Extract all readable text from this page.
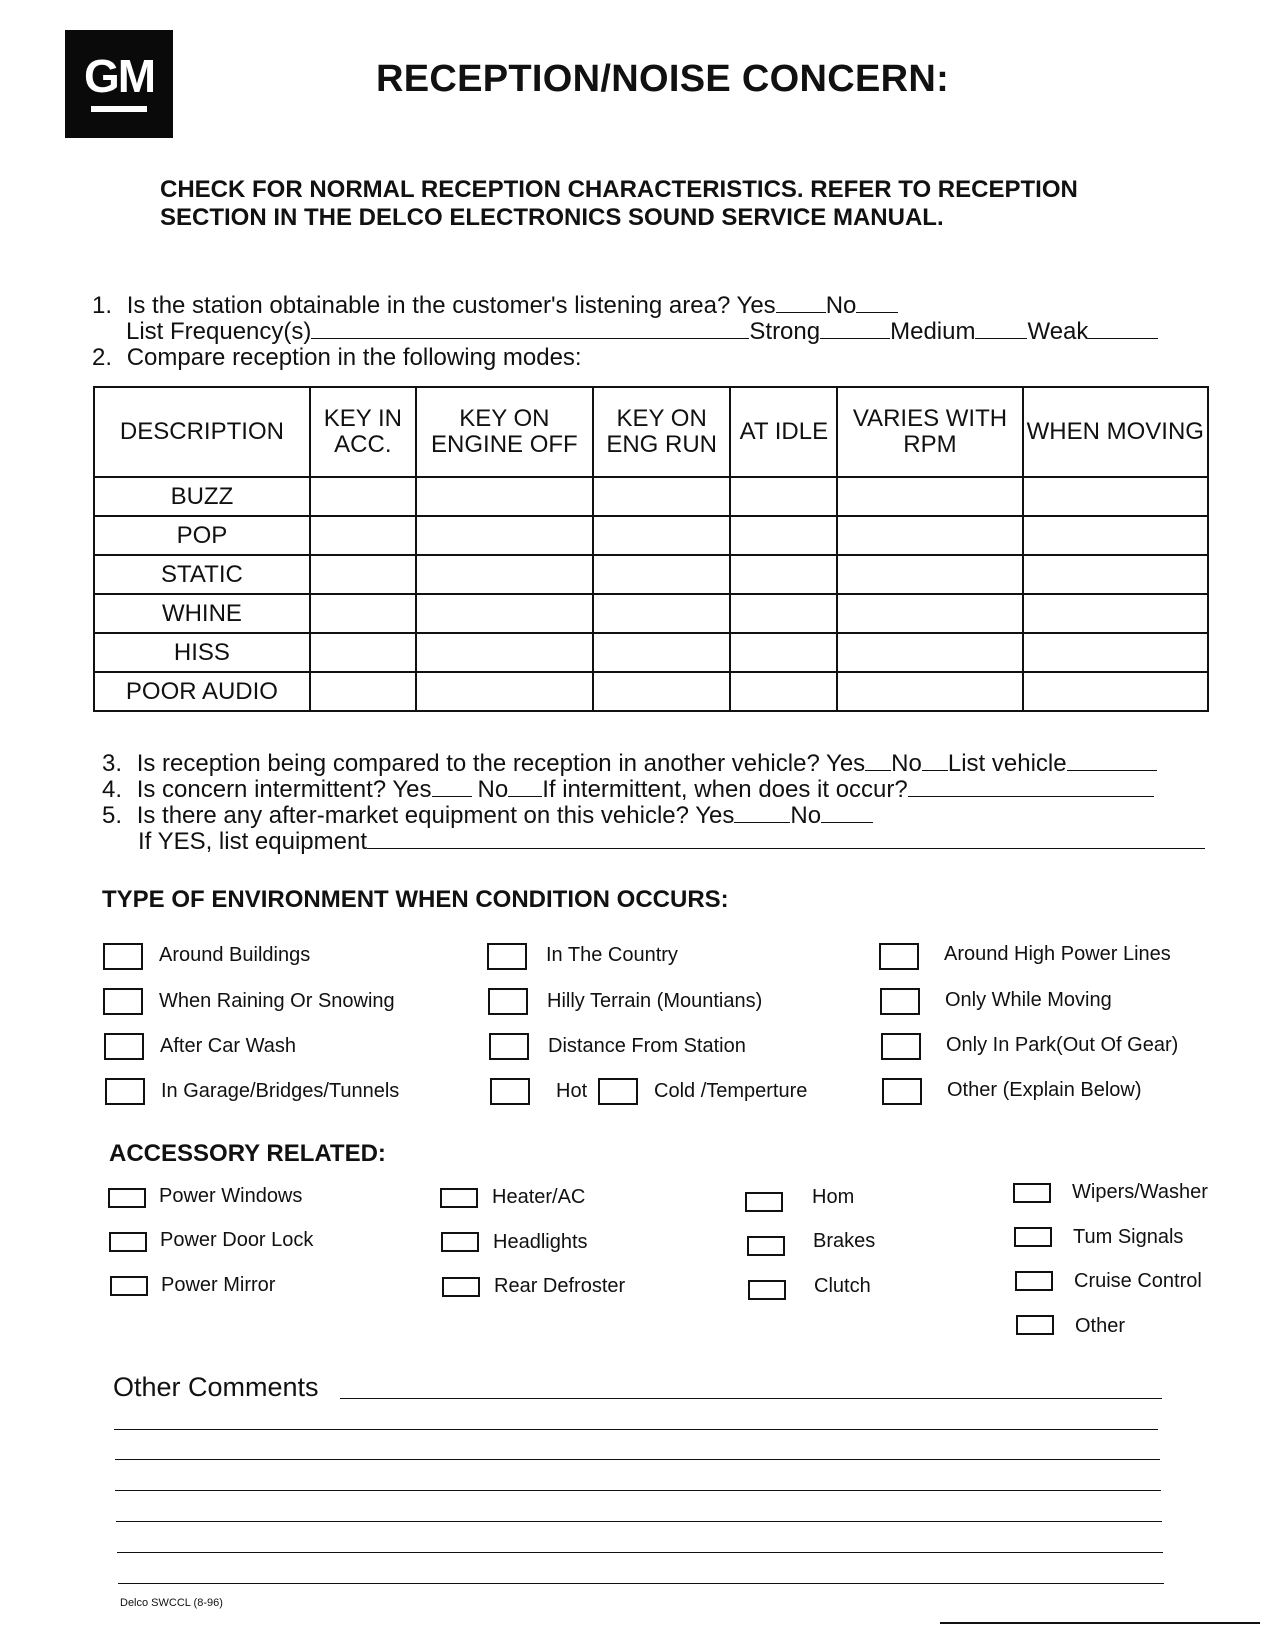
GM	RECEPTION/NOISE CONCERN:
CHECK FOR NORMAL RECEPTION CHARACTERISTICS. REFER TO RECEPTION SECTION IN THE DELCO ELECTRONICS SOUND SERVICE MANUAL.
1. Is the station obtainable in the customer's listening area? Yes No
List Frequency(s)	Strong	Medium Weak
2. Compare reception in the following modes:
DESCRIPTION	KEY IN ACC.	KEY ON ENGINE OFF	KEY ON ENG RUN	AT IDLE	VARIES WITH RPM	WHEN MOVING
BUZZ						
POP						
STATIC						
WHINE						
HISS						
POOR AUDIO						
3. Is reception being compared to the reception in another vehicle? Yes No List vehicle
4. Is concern intermittent? Yes No If intermittent, when does it occur?
5. Is there any after-market equipment on this vehicle? Yes No
If YES, list equipment
TYPE OF ENVIRONMENT WHEN CONDITION OCCURS:
Around Buildings
When Raining Or Snowing
After Car Wash
In Garage/Bridges/Tunnels
In The Country
Hilly Terrain (Mountians)
Distance From Station
Hot	Cold /Temperture
Around High Power Lines
Only While Moving
Only In Park(Out Of Gear)
Other (Explain Below)
ACCESSORY RELATED:
Power Windows
Power Door Lock
Power Mirror
Heater/AC
Headlights
Rear Defroster
Hom
Brakes
Clutch
Wipers/Washer
Tum Signals
Cruise Control
Other
Other Comments
Delco SWCCL (8-96)
